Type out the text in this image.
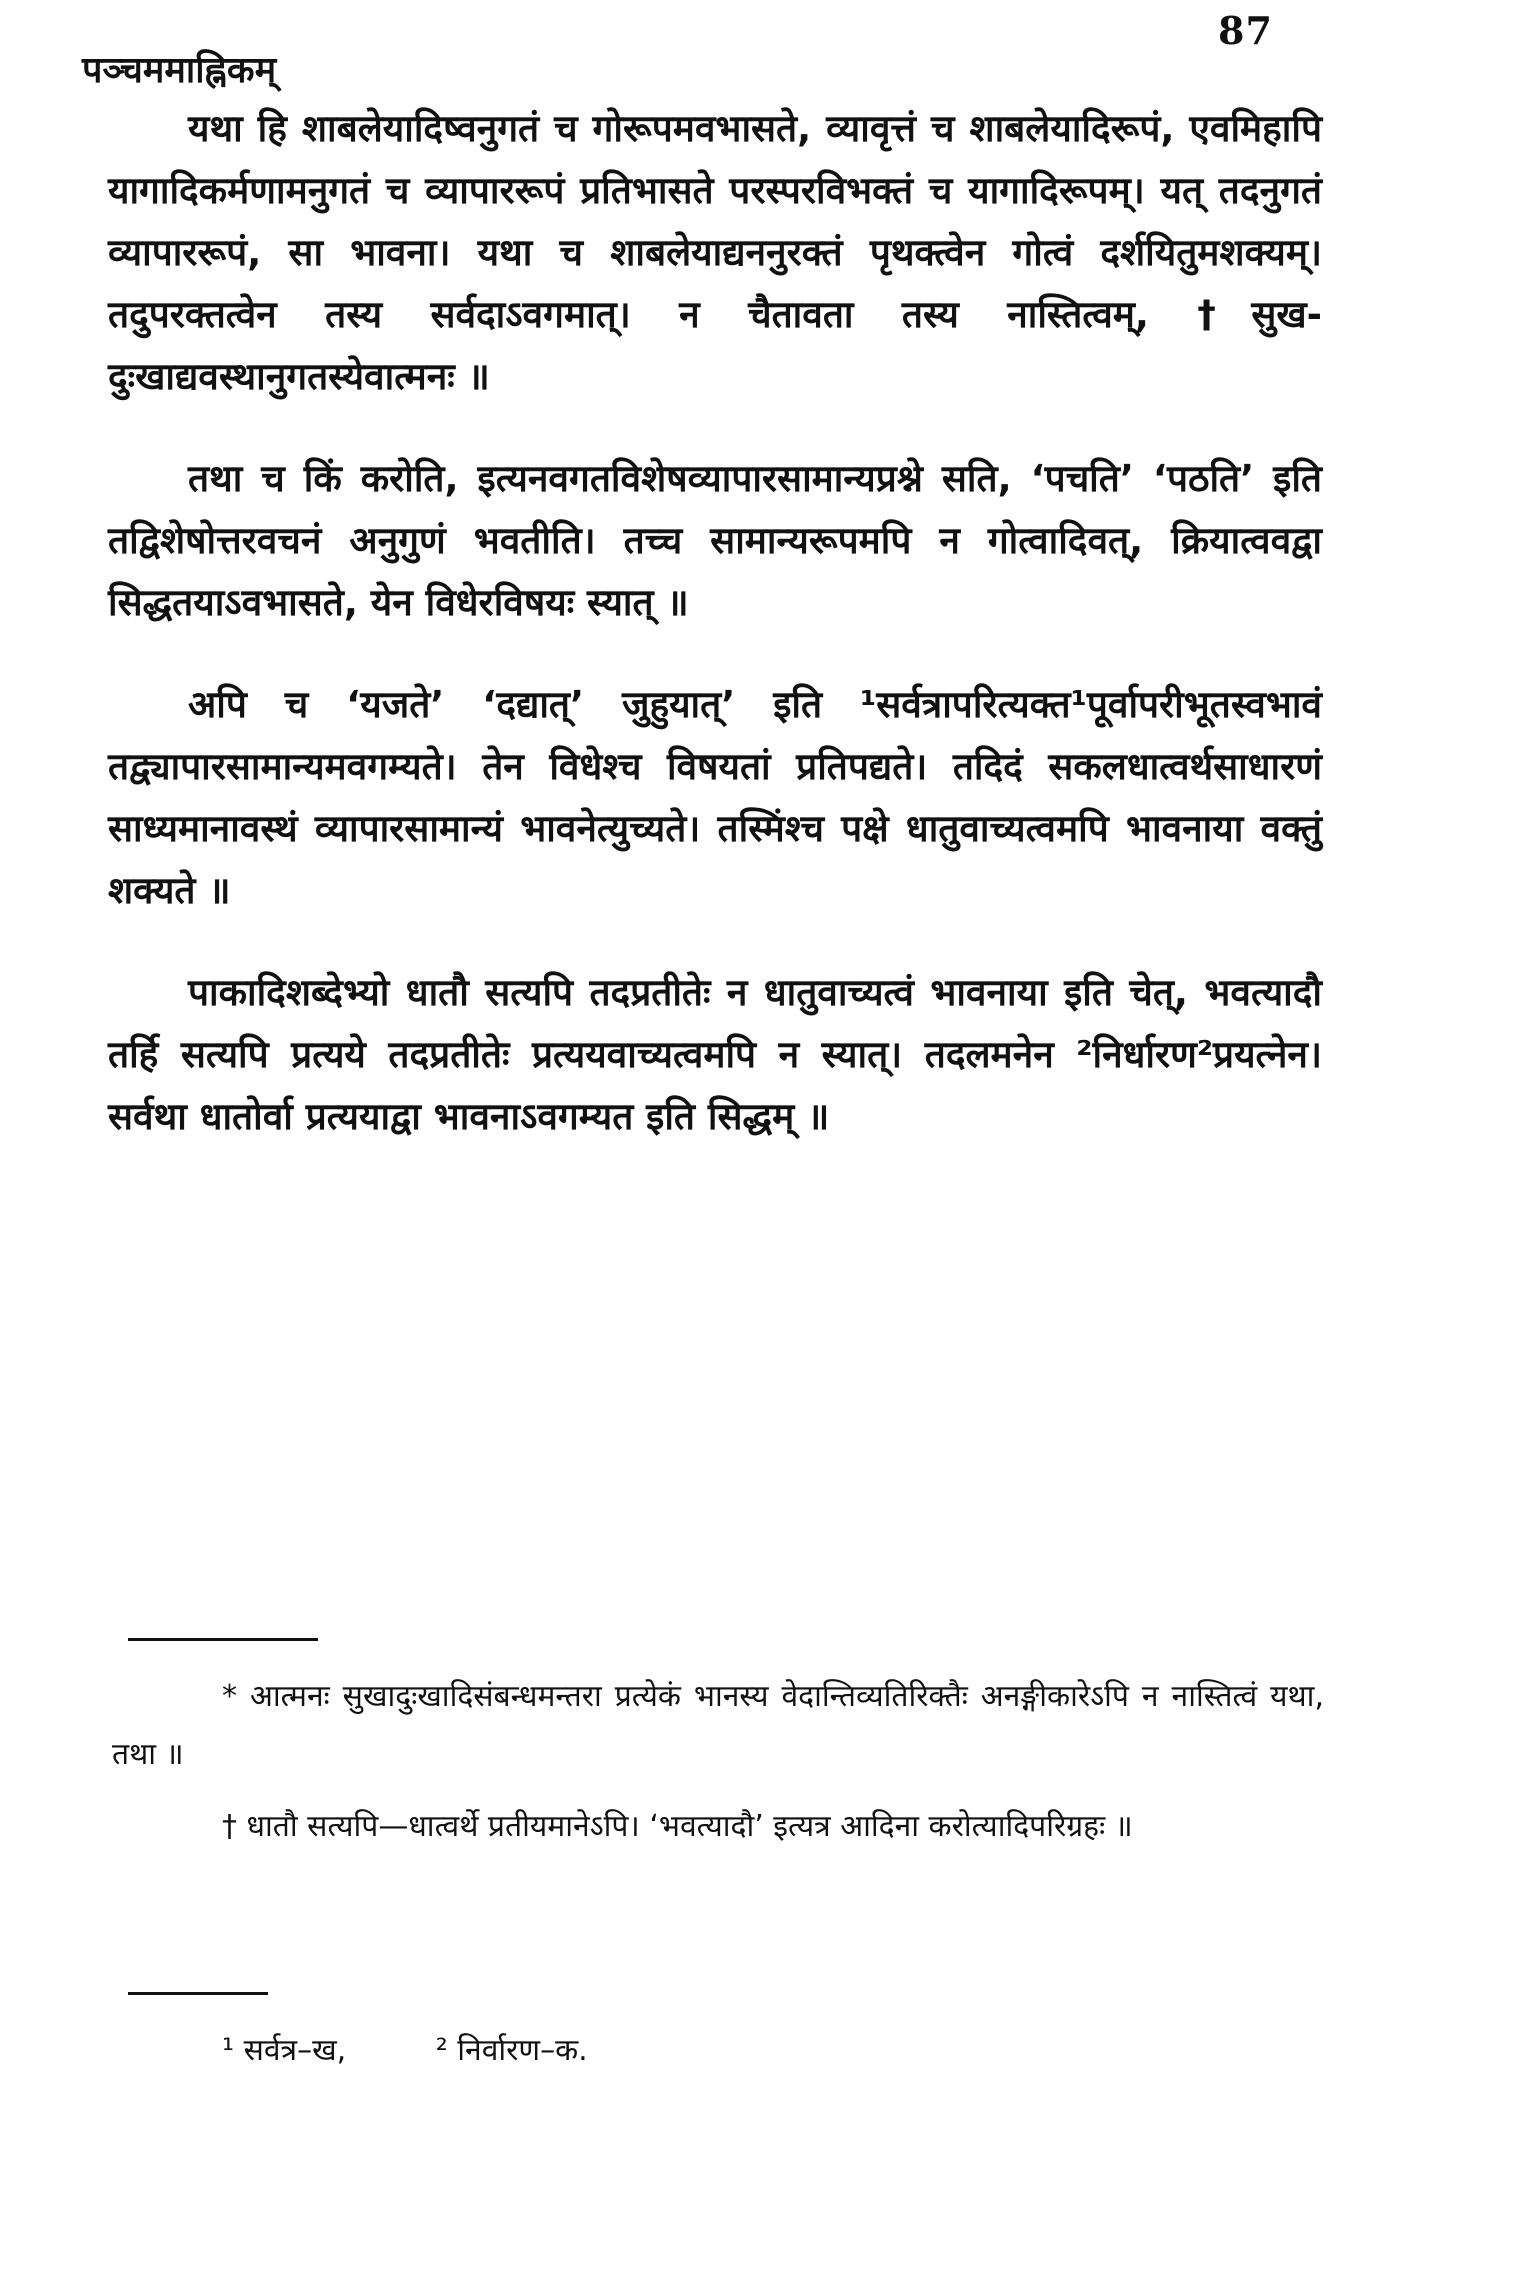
87
पञ्चममाह्निकम्

यथा हि शाबलेयादिष्वनुगतं च गोरूपमवभासते, व्यावृत्तं च शाबलेयादिरूपं, एवमिहापि यागादिकर्मणामनुगतं च व्यापाररूपं प्रतिभासते परस्परविभक्तं च यागादिरूपम्। यत् तदनुगतं व्यापाररूपं, सा भावना। यथा च शाबलेयाद्यननुरक्तं पृथक्त्वेन गोत्वं दर्शयितुमशक्यम्। तदुपरक्तत्वेन तस्य सर्वदाऽवगमात्। न चैतावता तस्य नास्तित्वम्, †सुख-दुःखाद्यवस्थानुगतस्येवात्मनः ॥

तथा च किं करोति, इत्यनवगतविशेषव्यापारसामान्यप्रश्ने सति, ‘पचति’ ‘पठति’ इति तद्विशेषोत्तरवचनं अनुगुणं भवतीति। तच्च सामान्यरूपमपि न गोत्वादिवत्, क्रियात्ववद्वा सिद्धतयाऽवभासते, येन विधेरविषयः स्यात् ॥

अपि च ‘यजते’ ‘दद्यात्’ जुहुयात्’ इति ¹सर्वत्रापरित्यक्त¹पूर्वापरीभूतस्वभावं तद्व्यापारसामान्यमवगम्यते। तेन विधेश्च विषयतां प्रतिपद्यते। तदिदं सकलधात्वर्थसाधारणं साध्यमानावस्थं व्यापारसामान्यं भावनेत्युच्यते। तस्मिंश्च पक्षे धातुवाच्यत्वमपि भावनाया वक्तुं शक्यते ॥

पाकादिशब्देभ्यो धातौ सत्यपि तदप्रतीतेः न धातुवाच्यत्वं भावनाया इति चेत्, भवत्यादौ तर्हि सत्यपि प्रत्यये तदप्रतीतेः प्रत्ययवाच्यत्वमपि न स्यात्। तदलमनेन ²निर्धारण²प्रयत्नेन। सर्वथा धातोर्वा प्रत्ययाद्वा भावनाऽवगम्यत इति सिद्धम् ॥

* आत्मनः सुखादुःखादिसंबन्धमन्तरा प्रत्येकं भानस्य वेदान्तिव्यतिरिक्तैः अनङ्गीकारेऽपि न नास्तित्वं यथा, तथा ॥

† धातौ सत्यपि—धात्वर्थे प्रतीयमानेऽपि। ‘भवत्यादौ’ इत्यत्र आदिना करोत्यादिपरिग्रहः ॥

¹ सर्वत्र–ख,	² निर्वारण–क.
